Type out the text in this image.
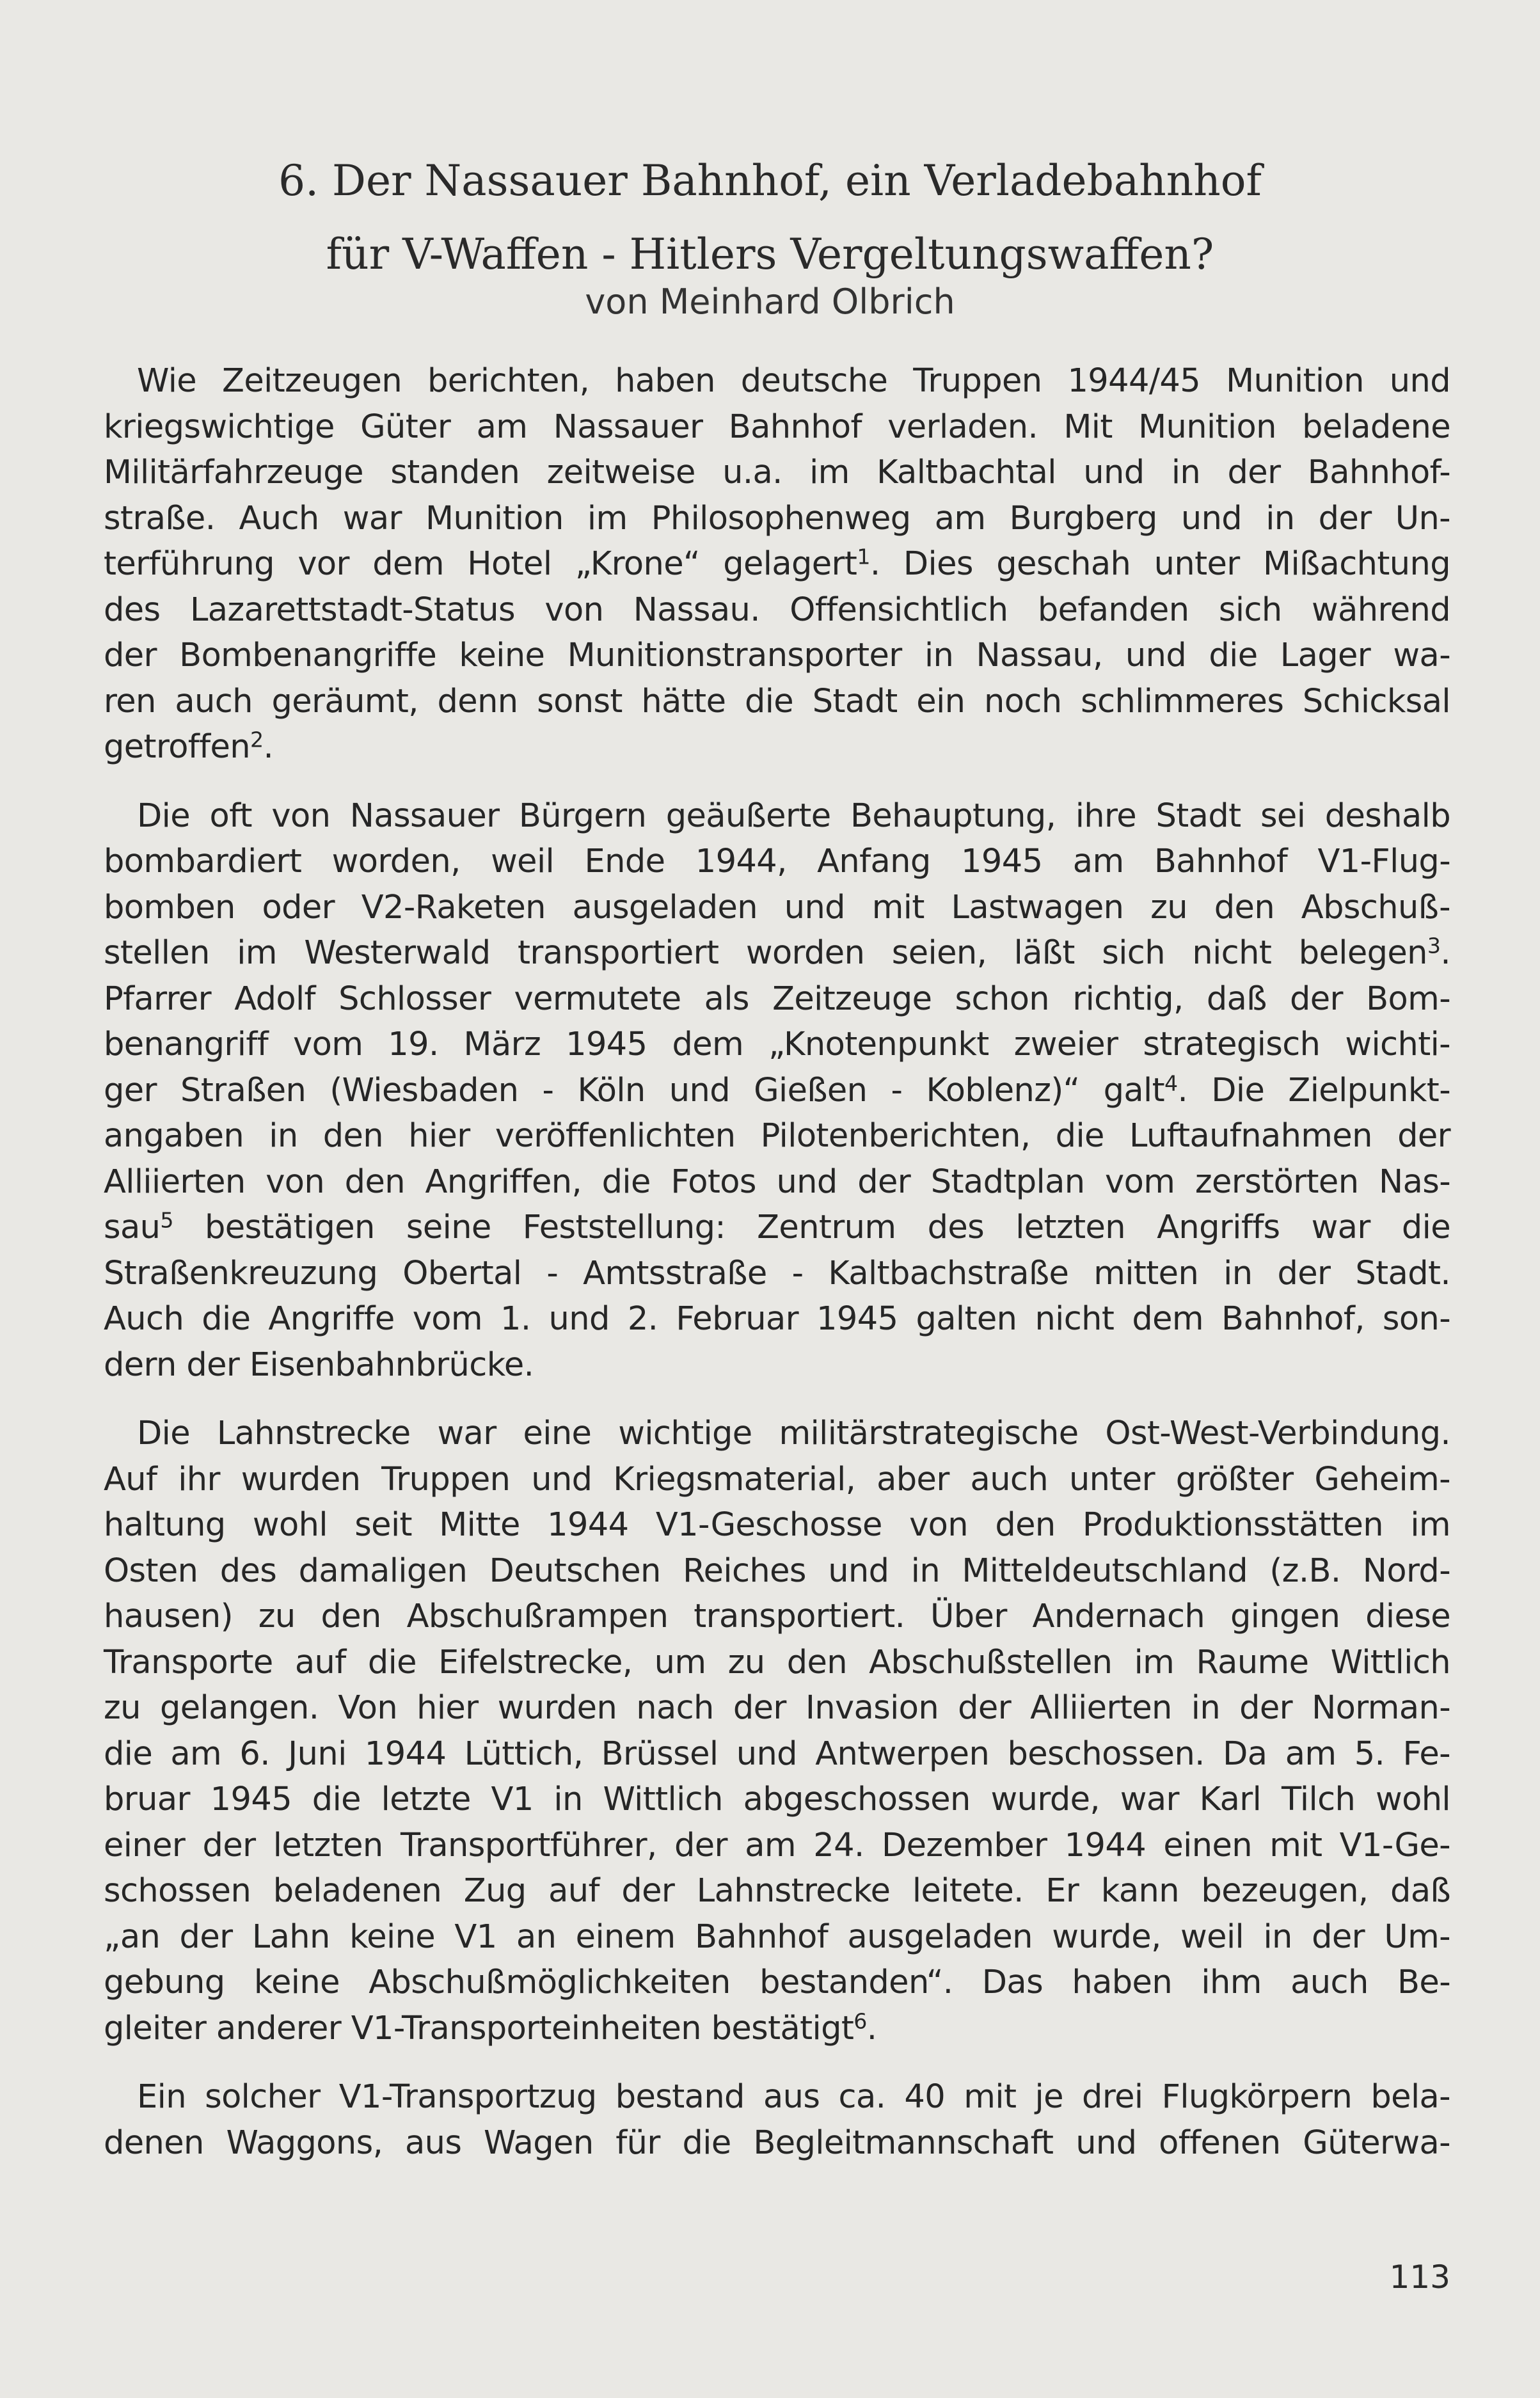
6. Der Nassauer Bahnhof, ein Verladebahnhof
für V-Waffen - Hitlers Vergeltungswaffen?
von Meinhard Olbrich
Wie Zeitzeugen berichten, haben deutsche Truppen 1944/45 Munition und
kriegswichtige Güter am Nassauer Bahnhof verladen. Mit Munition beladene
Militärfahrzeuge standen zeitweise u.a. im Kaltbachtal und in der Bahnhof-
straße. Auch war Munition im Philosophenweg am Burgberg und in der Un-
terführung vor dem Hotel „Krone“ gelagert$^1$. Dies geschah unter Mißachtung
des Lazarettstadt-Status von Nassau. Offensichtlich befanden sich während
der Bombenangriffe keine Munitionstransporter in Nassau, und die Lager wa-
ren auch geräumt, denn sonst hätte die Stadt ein noch schlimmeres Schicksal
getroffen$^2$.
Die oft von Nassauer Bürgern geäußerte Behauptung, ihre Stadt sei deshalb
bombardiert worden, weil Ende 1944, Anfang 1945 am Bahnhof V1-Flug-
bomben oder V2-Raketen ausgeladen und mit Lastwagen zu den Abschuß-
stellen im Westerwald transportiert worden seien, läßt sich nicht belegen$^3$.
Pfarrer Adolf Schlosser vermutete als Zeitzeuge schon richtig, daß der Bom-
benangriff vom 19. März 1945 dem „Knotenpunkt zweier strategisch wichti-
ger Straßen (Wiesbaden - Köln und Gießen - Koblenz)“ galt$^4$. Die Zielpunkt-
angaben in den hier veröffenlichten Pilotenberichten, die Luftaufnahmen der
Alliierten von den Angriffen, die Fotos und der Stadtplan vom zerstörten Nas-
sau$^5$ bestätigen seine Feststellung: Zentrum des letzten Angriffs war die
Straßenkreuzung Obertal - Amtsstraße - Kaltbachstraße mitten in der Stadt.
Auch die Angriffe vom 1. und 2. Februar 1945 galten nicht dem Bahnhof, son-
dern der Eisenbahnbrücke.
Die Lahnstrecke war eine wichtige militärstrategische Ost-West-Verbindung.
Auf ihr wurden Truppen und Kriegsmaterial, aber auch unter größter Geheim-
haltung wohl seit Mitte 1944 V1-Geschosse von den Produktionsstätten im
Osten des damaligen Deutschen Reiches und in Mitteldeutschland (z.B. Nord-
hausen) zu den Abschußrampen transportiert. Über Andernach gingen diese
Transporte auf die Eifelstrecke, um zu den Abschußstellen im Raume Wittlich
zu gelangen. Von hier wurden nach der Invasion der Alliierten in der Norman-
die am 6. Juni 1944 Lüttich, Brüssel und Antwerpen beschossen. Da am 5. Fe-
bruar 1945 die letzte V1 in Wittlich abgeschossen wurde, war Karl Tilch wohl
einer der letzten Transportführer, der am 24. Dezember 1944 einen mit V1-Ge-
schossen beladenen Zug auf der Lahnstrecke leitete. Er kann bezeugen, daß
„an der Lahn keine V1 an einem Bahnhof ausgeladen wurde, weil in der Um-
gebung keine Abschußmöglichkeiten bestanden“. Das haben ihm auch Be-
gleiter anderer V1-Transporteinheiten bestätigt$^6$.
Ein solcher V1-Transportzug bestand aus ca. 40 mit je drei Flugkörpern bela-
denen Waggons, aus Wagen für die Begleitmannschaft und offenen Güterwa-
113
